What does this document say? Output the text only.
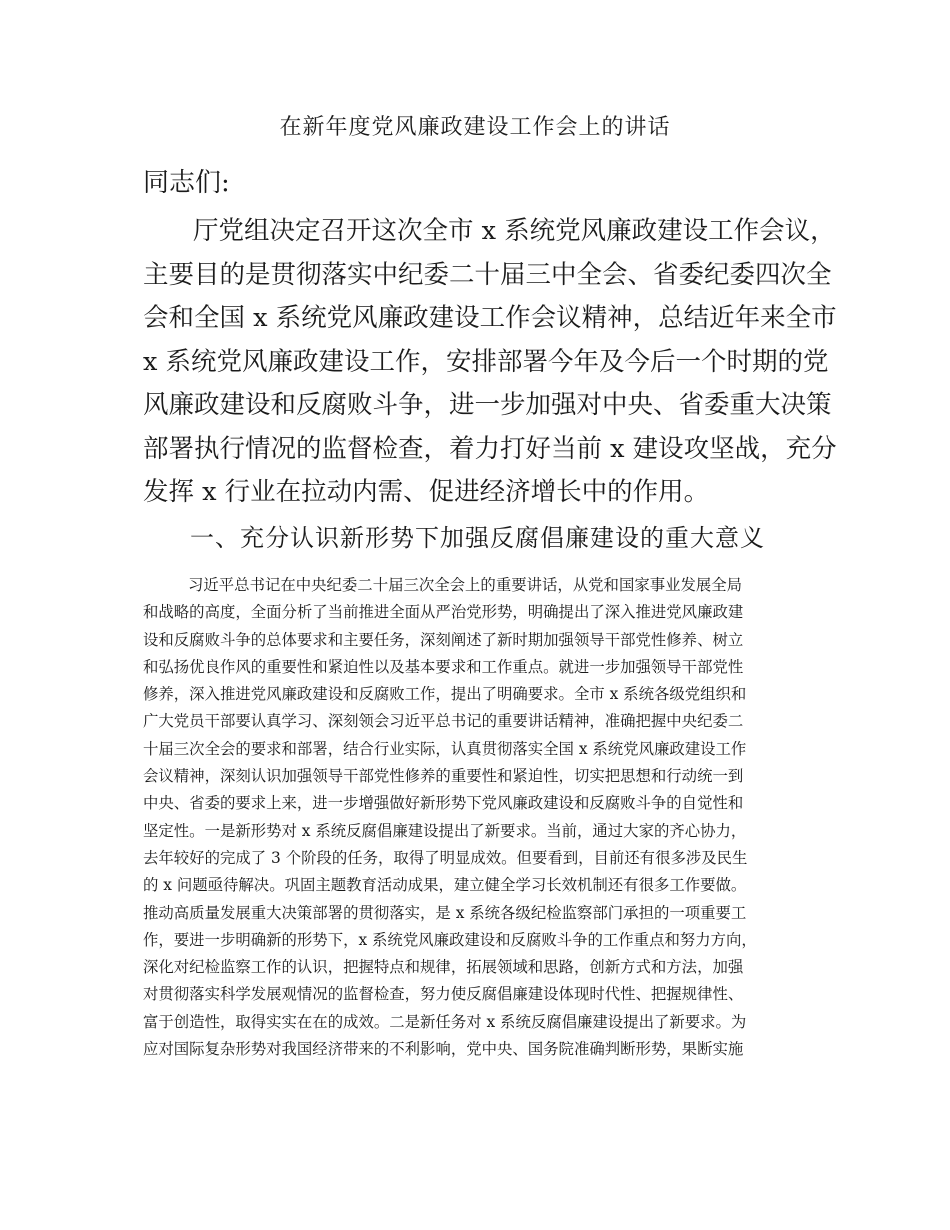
在新年度党风廉政建设工作会上的讲话
同志们:

厅党组决定召开这次全市 x 系统党风廉政建设工作会议，
主要目的是贯彻落实中纪委二十届三中全会、省委纪委四次全
会和全国 x 系统党风廉政建设工作会议精神，总结近年来全市
x 系统党风廉政建设工作，安排部署今年及今后一个时期的党
风廉政建设和反腐败斗争，进一步加强对中央、省委重大决策
部署执行情况的监督检查，着力打好当前 x 建设攻坚战，充分
发挥 x 行业在拉动内需、促进经济增长中的作用。

一、充分认识新形势下加强反腐倡廉建设的重大意义

习近平总书记在中央纪委二十届三次全会上的重要讲话，从党和国家事业发展全局
和战略的高度，全面分析了当前推进全面从严治党形势，明确提出了深入推进党风廉政建
设和反腐败斗争的总体要求和主要任务，深刻阐述了新时期加强领导干部党性修养、树立
和弘扬优良作风的重要性和紧迫性以及基本要求和工作重点。就进一步加强领导干部党性
修养，深入推进党风廉政建设和反腐败工作，提出了明确要求。全市 x 系统各级党组织和
广大党员干部要认真学习、深刻领会习近平总书记的重要讲话精神，准确把握中央纪委二
十届三次全会的要求和部署，结合行业实际，认真贯彻落实全国 x 系统党风廉政建设工作
会议精神，深刻认识加强领导干部党性修养的重要性和紧迫性，切实把思想和行动统一到
中央、省委的要求上来，进一步增强做好新形势下党风廉政建设和反腐败斗争的自觉性和
坚定性。一是新形势对 x 系统反腐倡廉建设提出了新要求。当前，通过大家的齐心协力，
去年较好的完成了 3 个阶段的任务，取得了明显成效。但要看到，目前还有很多涉及民生
的 x 问题亟待解决。巩固主题教育活动成果，建立健全学习长效机制还有很多工作要做。
推动高质量发展重大决策部署的贯彻落实，是 x 系统各级纪检监察部门承担的一项重要工
作，要进一步明确新的形势下，x 系统党风廉政建设和反腐败斗争的工作重点和努力方向，
深化对纪检监察工作的认识，把握特点和规律，拓展领域和思路，创新方式和方法，加强
对贯彻落实科学发展观情况的监督检查，努力使反腐倡廉建设体现时代性、把握规律性、
富于创造性，取得实实在在的成效。二是新任务对 x 系统反腐倡廉建设提出了新要求。为
应对国际复杂形势对我国经济带来的不利影响，党中央、国务院准确判断形势，果断实施
